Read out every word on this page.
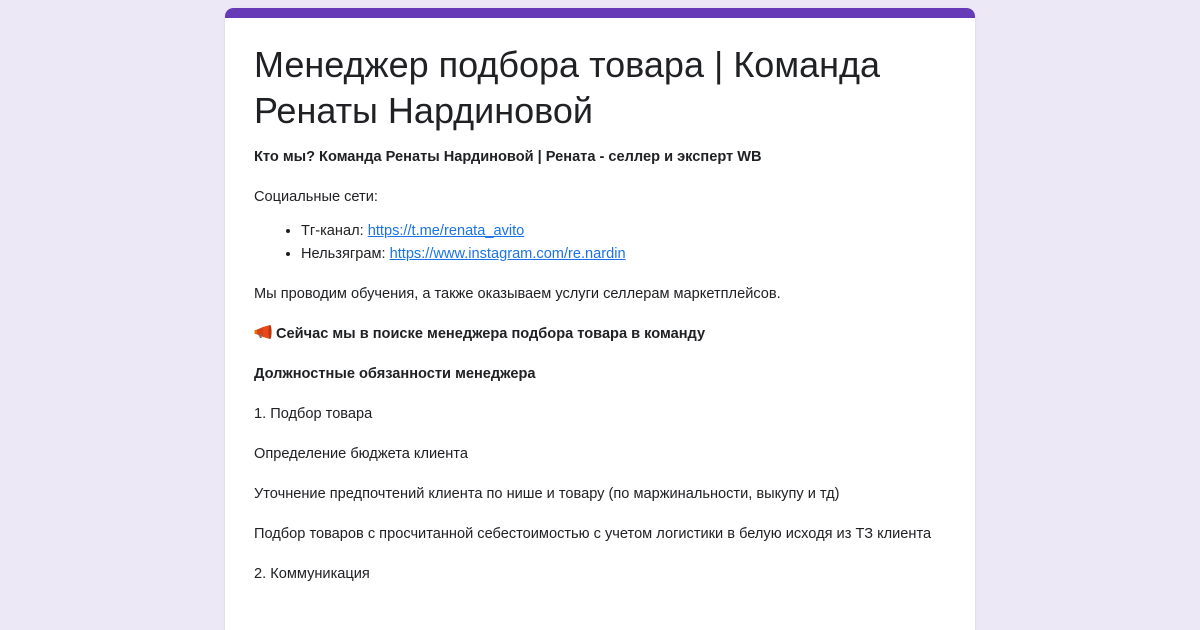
Менеджер подбора товара | Команда Ренаты Нардиновой

Кто мы? Команда Ренаты Нардиновой | Рената - селлер и эксперт WB

Социальные сети:

• Тг-канал: https://t.me/renata_avito
• Нельзяграм: https://www.instagram.com/re.nardin

Мы проводим обучения, а также оказываем услуги селлерам маркетплейсов.

Сейчас мы в поиске менеджера подбора товара в команду

Должностные обязанности менеджера

1. Подбор товара

Определение бюджета клиента

Уточнение предпочтений клиента по нише и товару (по маржинальности, выкупу и тд)

Подбор товаров с просчитанной себестоимостью с учетом логистики в белую исходя из ТЗ клиента

2. Коммуникация
